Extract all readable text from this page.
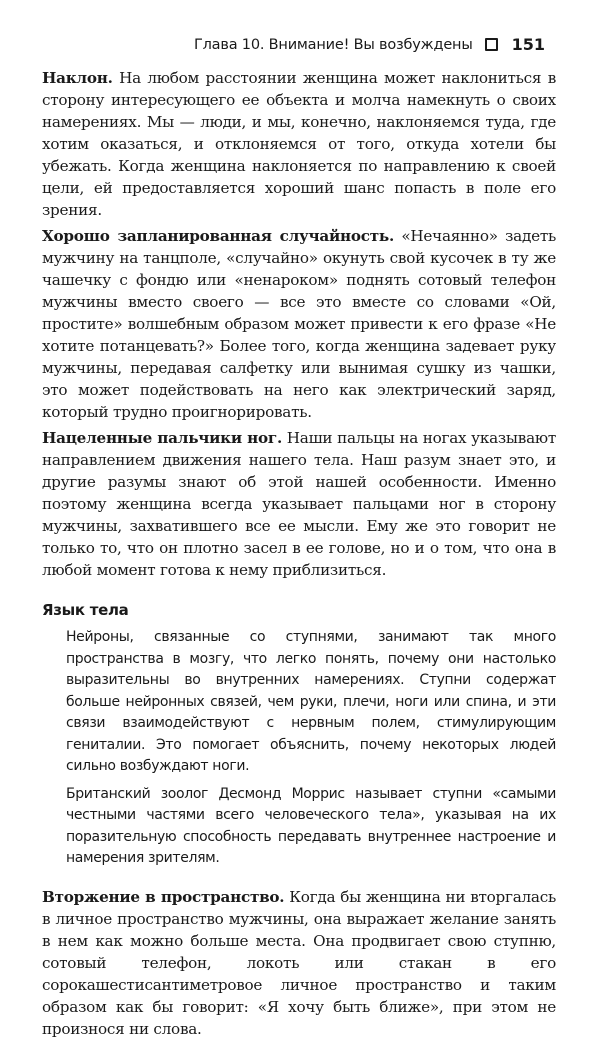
Глава 10. Внимание! Вы возбуждены 151

Наклон. На любом расстоянии женщина может наклониться в сторону интересующего ее объекта и молча намекнуть о своих намерениях. Мы — люди, и мы, конечно, наклоняемся туда, где хотим оказаться, и отклоняемся от того, откуда хотели бы убежать. Когда женщина наклоняется по направлению к своей цели, ей предоставляется хороший шанс попасть в поле его зрения.

Хорошо запланированная случайность. «Нечаянно» задеть мужчину на танцполе, «случайно» окунуть свой кусочек в ту же чашечку с фондю или «ненароком» поднять сотовый телефон мужчины вместо своего — все это вместе со словами «Ой, простите» волшебным образом может привести к его фразе «Не хотите потанцевать?» Более того, когда женщина задевает руку мужчины, передавая салфетку или вынимая сушку из чашки, это может подействовать на него как электрический заряд, который трудно проигнорировать.

Нацеленные пальчики ног. Наши пальцы на ногах указывают направлением движения нашего тела. Наш разум знает это, и другие разумы знают об этой нашей особенности. Именно поэтому женщина всегда указывает пальцами ног в сторону мужчины, захватившего все ее мысли. Ему же это говорит не только то, что он плотно засел в ее голове, но и о том, что она в любой момент готова к нему приблизиться.

Язык тела

Нейроны, связанные со ступнями, занимают так много пространства в мозгу, что легко понять, почему они настолько выразительны во внутренних намерениях. Ступни содержат больше нейронных связей, чем руки, плечи, ноги или спина, и эти связи взаимодействуют с нервным полем, стимулирующим гениталии. Это помогает объяснить, почему некоторых людей сильно возбуждают ноги.

Британский зоолог Десмонд Моррис называет ступни «самыми честными частями всего человеческого тела», указывая на их поразительную способность передавать внутреннее настроение и намерения зрителям.

Вторжение в пространство. Когда бы женщина ни вторгалась в личное пространство мужчины, она выражает желание занять в нем как можно больше места. Она продвигает свою ступню, сотовый телефон, локоть или стакан в его сорокашестисантиметровое личное пространство и таким образом как бы говорит: «Я хочу быть ближе», при этом не произнося ни слова.
